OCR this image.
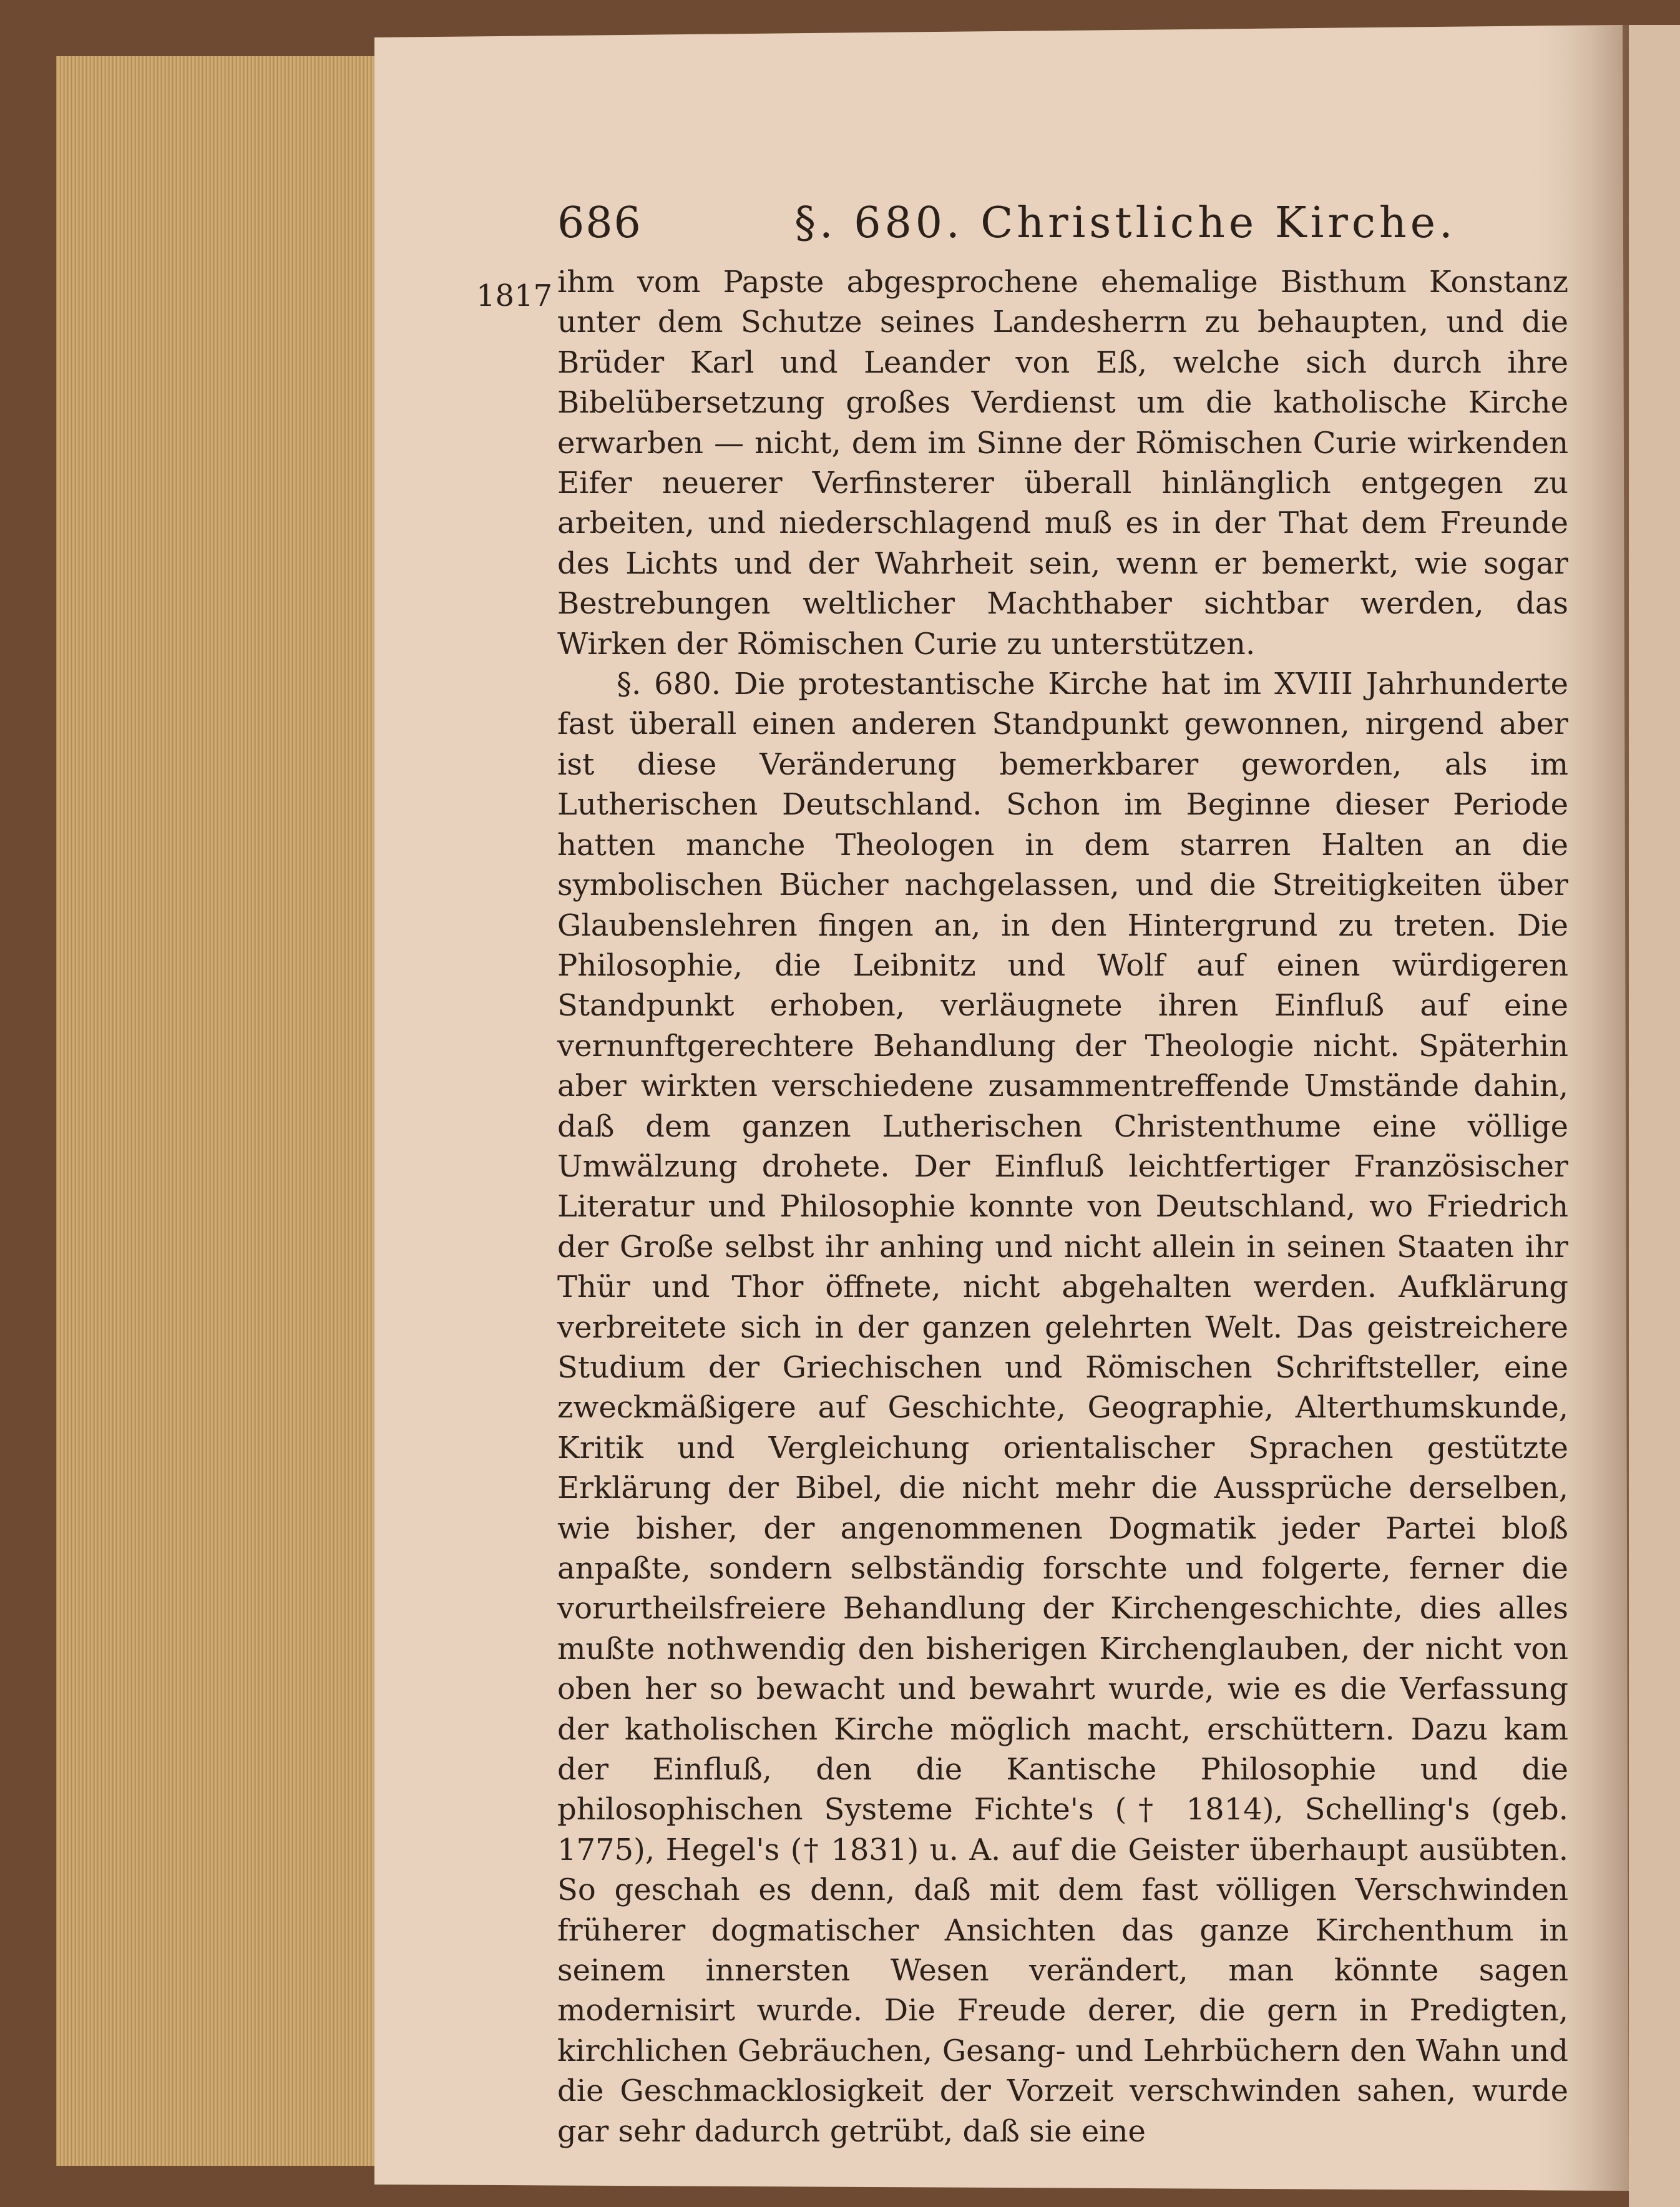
686	§. 680. Christliche Kirche.

ihm vom Papste abgesprochene ehemalige Bisthum Konstanz unter dem Schutze seines Landesherrn zu behaupten, und die Brüder Karl und Leander von Eß, welche sich durch ihre Bibelübersetzung großes Verdienst um die katholische Kirche erwarben — nicht, dem im Sinne der Römischen Curie wirkenden Eifer neuerer Verfinsterer überall hinlänglich entgegen zu arbeiten, und niederschlagend muß es in der That dem Freunde des Lichts und der Wahrheit sein, wenn er bemerkt, wie sogar Bestrebungen weltlicher Machthaber sichtbar werden, das Wirken der Römischen Curie zu unterstützen.

§. 680. Die protestantische Kirche hat im XVIII Jahrhunderte fast überall einen anderen Standpunkt gewonnen, nirgend aber ist diese Veränderung bemerkbarer geworden, als im Lutherischen Deutschland. Schon im Beginne dieser Periode hatten manche Theologen in dem starren Halten an die symbolischen Bücher nachgelassen, und die Streitigkeiten über Glaubenslehren fingen an, in den Hintergrund zu treten. Die Philosophie, die Leibnitz und Wolf auf einen würdigeren Standpunkt erhoben, verläugnete ihren Einfluß auf eine vernunftgerechtere Behandlung der Theologie nicht. Späterhin aber wirkten verschiedene zusammentreffende Umstände dahin, daß dem ganzen Lutherischen Christenthume eine völlige Umwälzung drohete. Der Einfluß leichtfertiger Französischer Literatur und Philosophie konnte von Deutschland, wo Friedrich der Große selbst ihr anhing und nicht allein in seinen Staaten ihr Thür und Thor öffnete, nicht abgehalten werden. Aufklärung verbreitete sich in der ganzen gelehrten Welt. Das geistreichere Studium der Griechischen und Römischen Schriftsteller, eine zweckmäßigere auf Geschichte, Geographie, Alterthumskunde, Kritik und Vergleichung orientalischer Sprachen gestützte Erklärung der Bibel, die nicht mehr die Aussprüche derselben, wie bisher, der angenommenen Dogmatik jeder Partei bloß anpaßte, sondern selbständig forschte und folgerte, ferner die vorurtheilsfreiere Behandlung der Kirchengeschichte, dies alles mußte nothwendig den bisherigen Kirchenglauben, der nicht von oben her so bewacht und bewahrt wurde, wie es die Verfassung der katholischen Kirche möglich macht, erschüttern. Dazu kam der Einfluß, den die Kantische Philosophie und die philosophischen Systeme Fichte's († 1814), Schelling's (geb. 1775), Hegel's († 1831) u. A. auf die Geister überhaupt ausübten. So geschah es denn, daß mit dem fast völligen Verschwinden früherer dogmatischer Ansichten das ganze Kirchenthum in seinem innersten Wesen verändert, man könnte sagen modernisirt wurde. Die Freude derer, die gern in Predigten, kirchlichen Gebräuchen, Gesang- und Lehrbüchern den Wahn und die Geschmacklosigkeit der Vorzeit verschwinden sahen, wurde gar sehr dadurch getrübt, daß sie eine

1817
